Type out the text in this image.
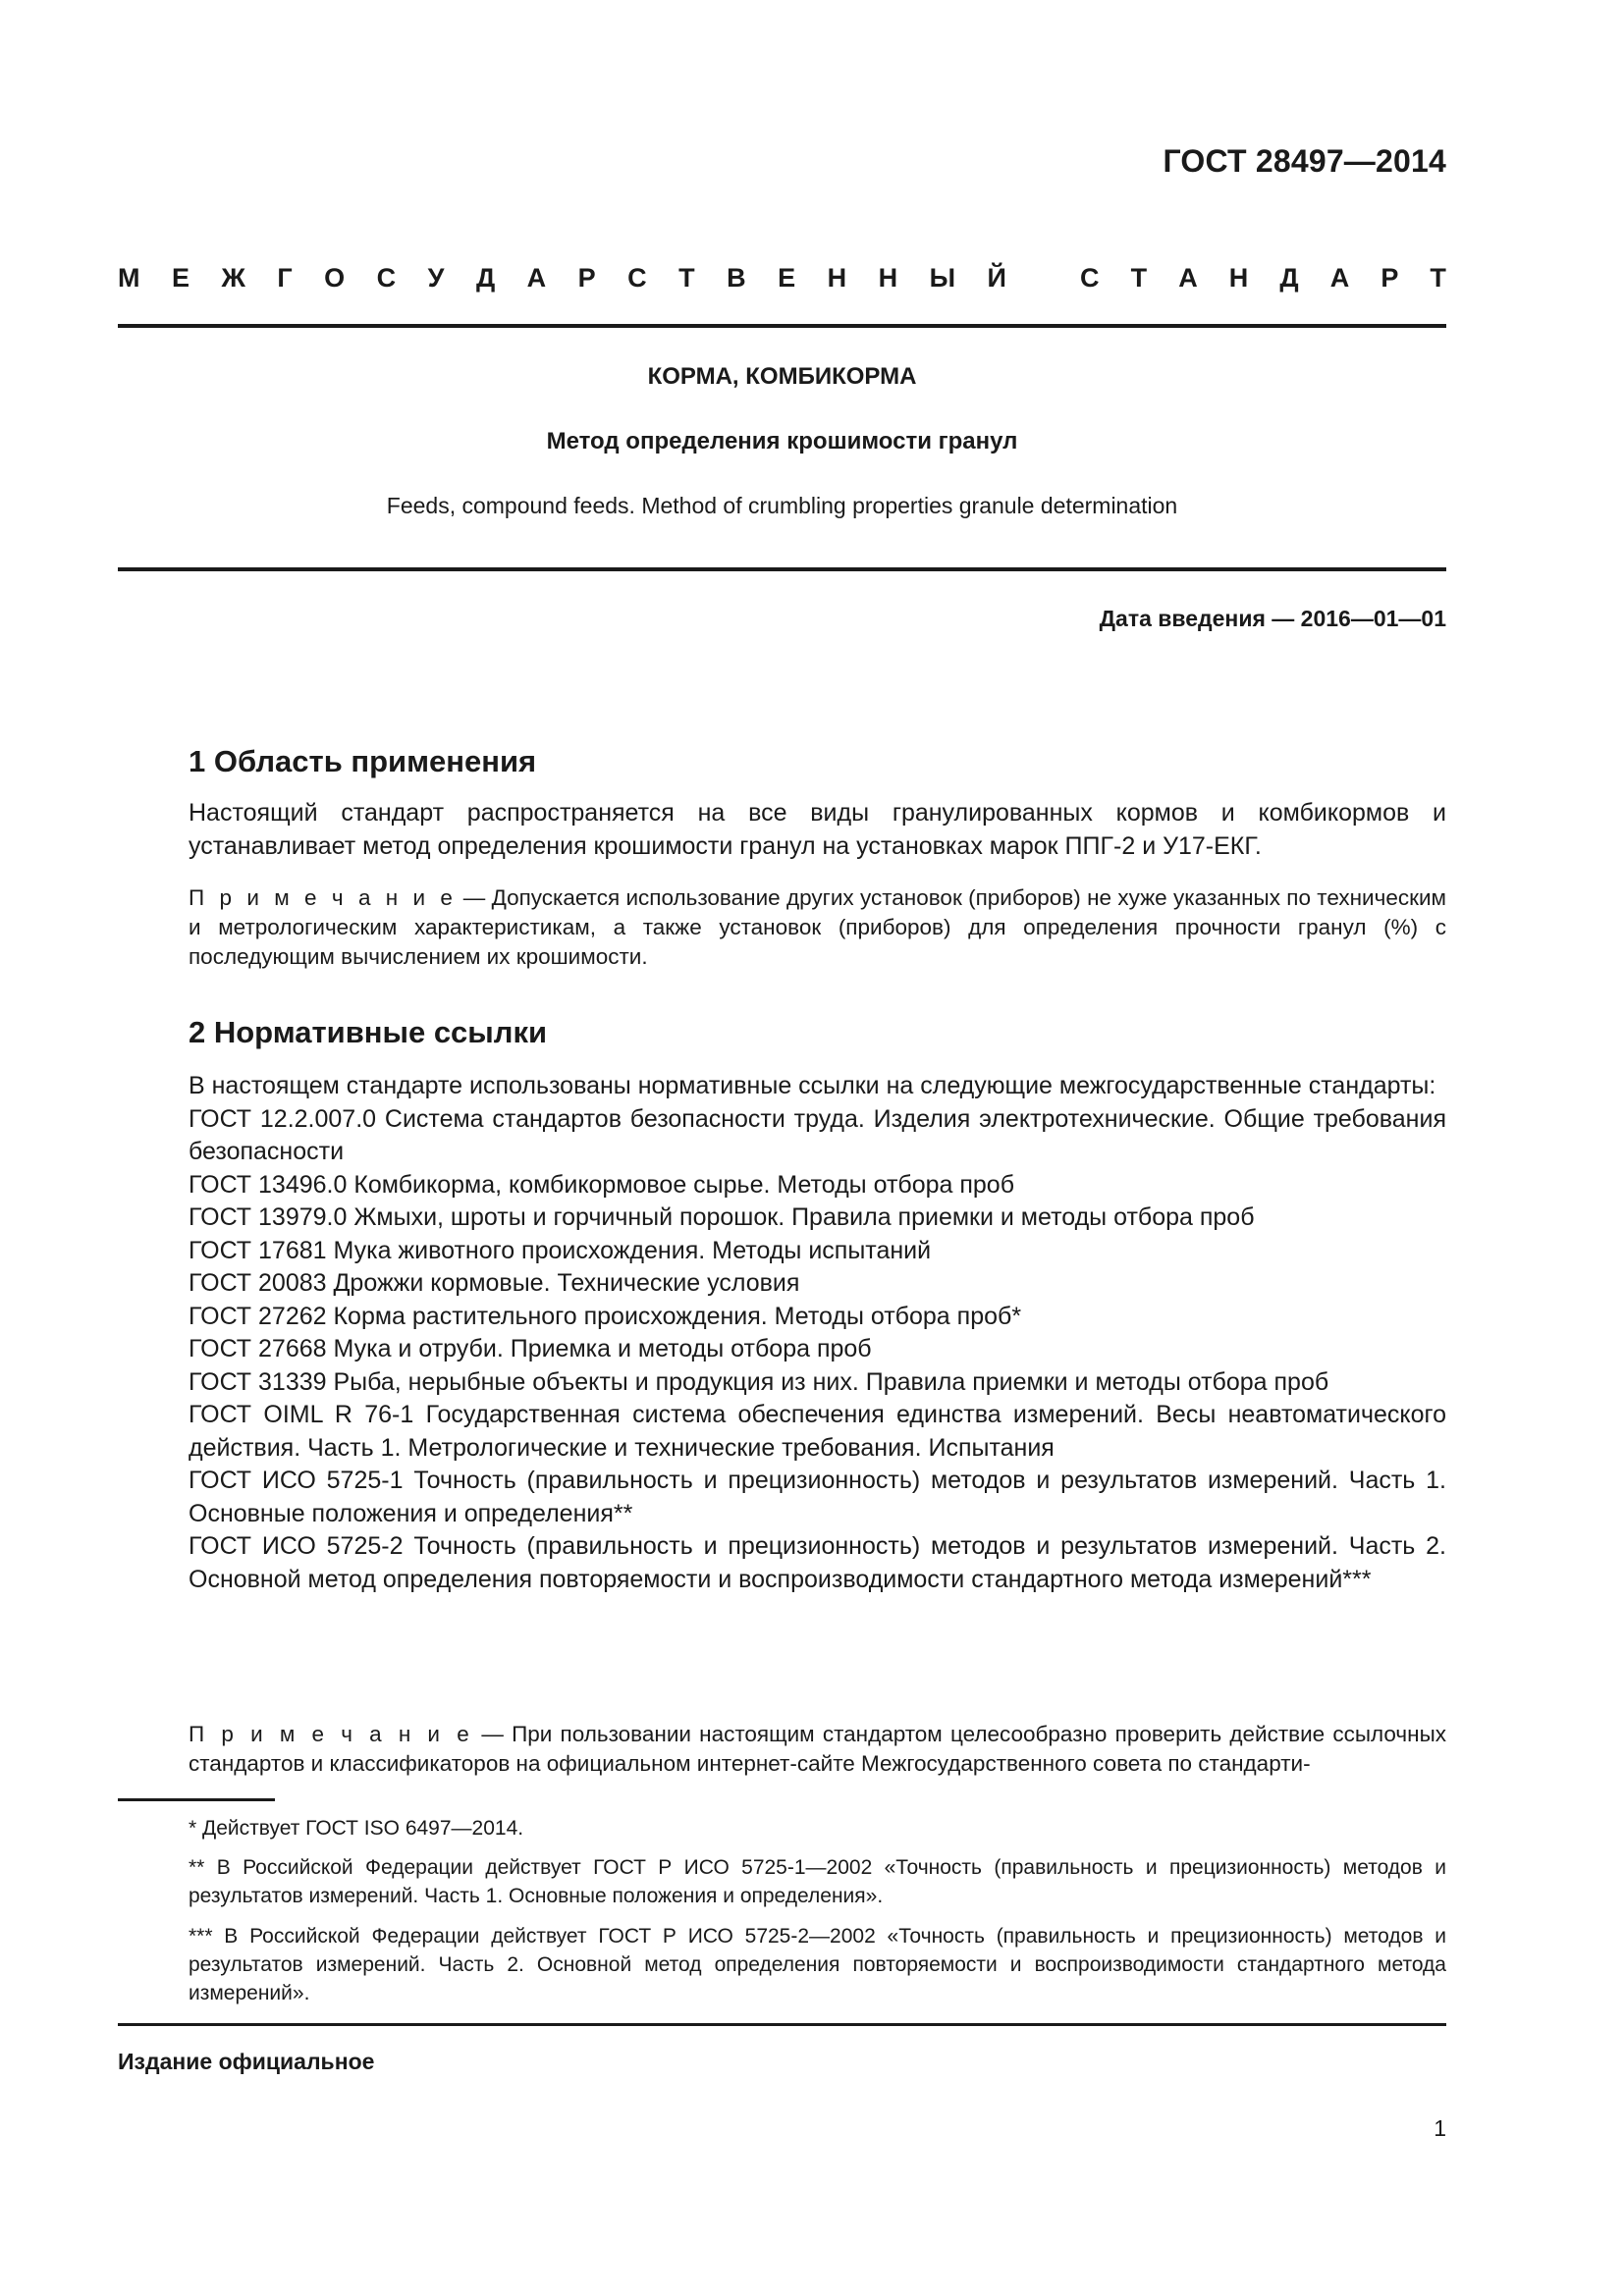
ГОСТ 28497—2014
М Е Ж Г О С У Д А Р С Т В Е Н Н Ы Й	С Т А Н Д А Р Т
КОРМА, КОМБИКОРМА
Метод определения крошимости гранул
Feeds, compound feeds. Method of crumbling properties granule determination
Дата введения — 2016—01—01
1 Область применения

Настоящий стандарт распространяется на все виды гранулированных кормов и комбикормов и устанавливает метод определения крошимости гранул на установках марок ППГ-2 и У17-ЕКГ.

П р и м е ч а н и е — Допускается использование других установок (приборов) не хуже указанных по техническим и метрологическим характеристикам, а также установок (приборов) для определения прочности гранул (%) с последующим вычислением их крошимости.

2 Нормативные ссылки

В настоящем стандарте использованы нормативные ссылки на следующие межгосударственные стандарты:

ГОСТ 12.2.007.0 Система стандартов безопасности труда. Изделия электротехнические. Общие требования безопасности

ГОСТ 13496.0 Комбикорма, комбикормовое сырье. Методы отбора проб

ГОСТ 13979.0 Жмыхи, шроты и горчичный порошок. Правила приемки и методы отбора проб

ГОСТ 17681 Мука животного происхождения. Методы испытаний

ГОСТ 20083 Дрожжи кормовые. Технические условия

ГОСТ 27262 Корма растительного происхождения. Методы отбора проб*

ГОСТ 27668 Мука и отруби. Приемка и методы отбора проб

ГОСТ 31339 Рыба, нерыбные объекты и продукция из них. Правила приемки и методы отбора проб

ГОСТ OIML R 76-1 Государственная система обеспечения единства измерений. Весы неавтоматического действия. Часть 1. Метрологические и технические требования. Испытания

ГОСТ ИСО 5725-1 Точность (правильность и прецизионность) методов и результатов измерений. Часть 1. Основные положения и определения**

ГОСТ ИСО 5725-2 Точность (правильность и прецизионность) методов и результатов измерений. Часть 2. Основной метод определения повторяемости и воспроизводимости стандартного метода измерений***

П р и м е ч а н и е — При пользовании настоящим стандартом целесообразно проверить действие ссылочных стандартов и классификаторов на официальном интернет-сайте Межгосударственного совета по стандарти-

* Действует ГОСТ ISO 6497—2014.

** В Российской Федерации действует ГОСТ Р ИСО 5725-1—2002 «Точность (правильность и прецизионность) методов и результатов измерений. Часть 1. Основные положения и определения».

*** В Российской Федерации действует ГОСТ Р ИСО 5725-2—2002 «Точность (правильность и прецизионность) методов и результатов измерений. Часть 2. Основной метод определения повторяемости и воспроизводимости стандартного метода измерений».

Издание официальное
1
